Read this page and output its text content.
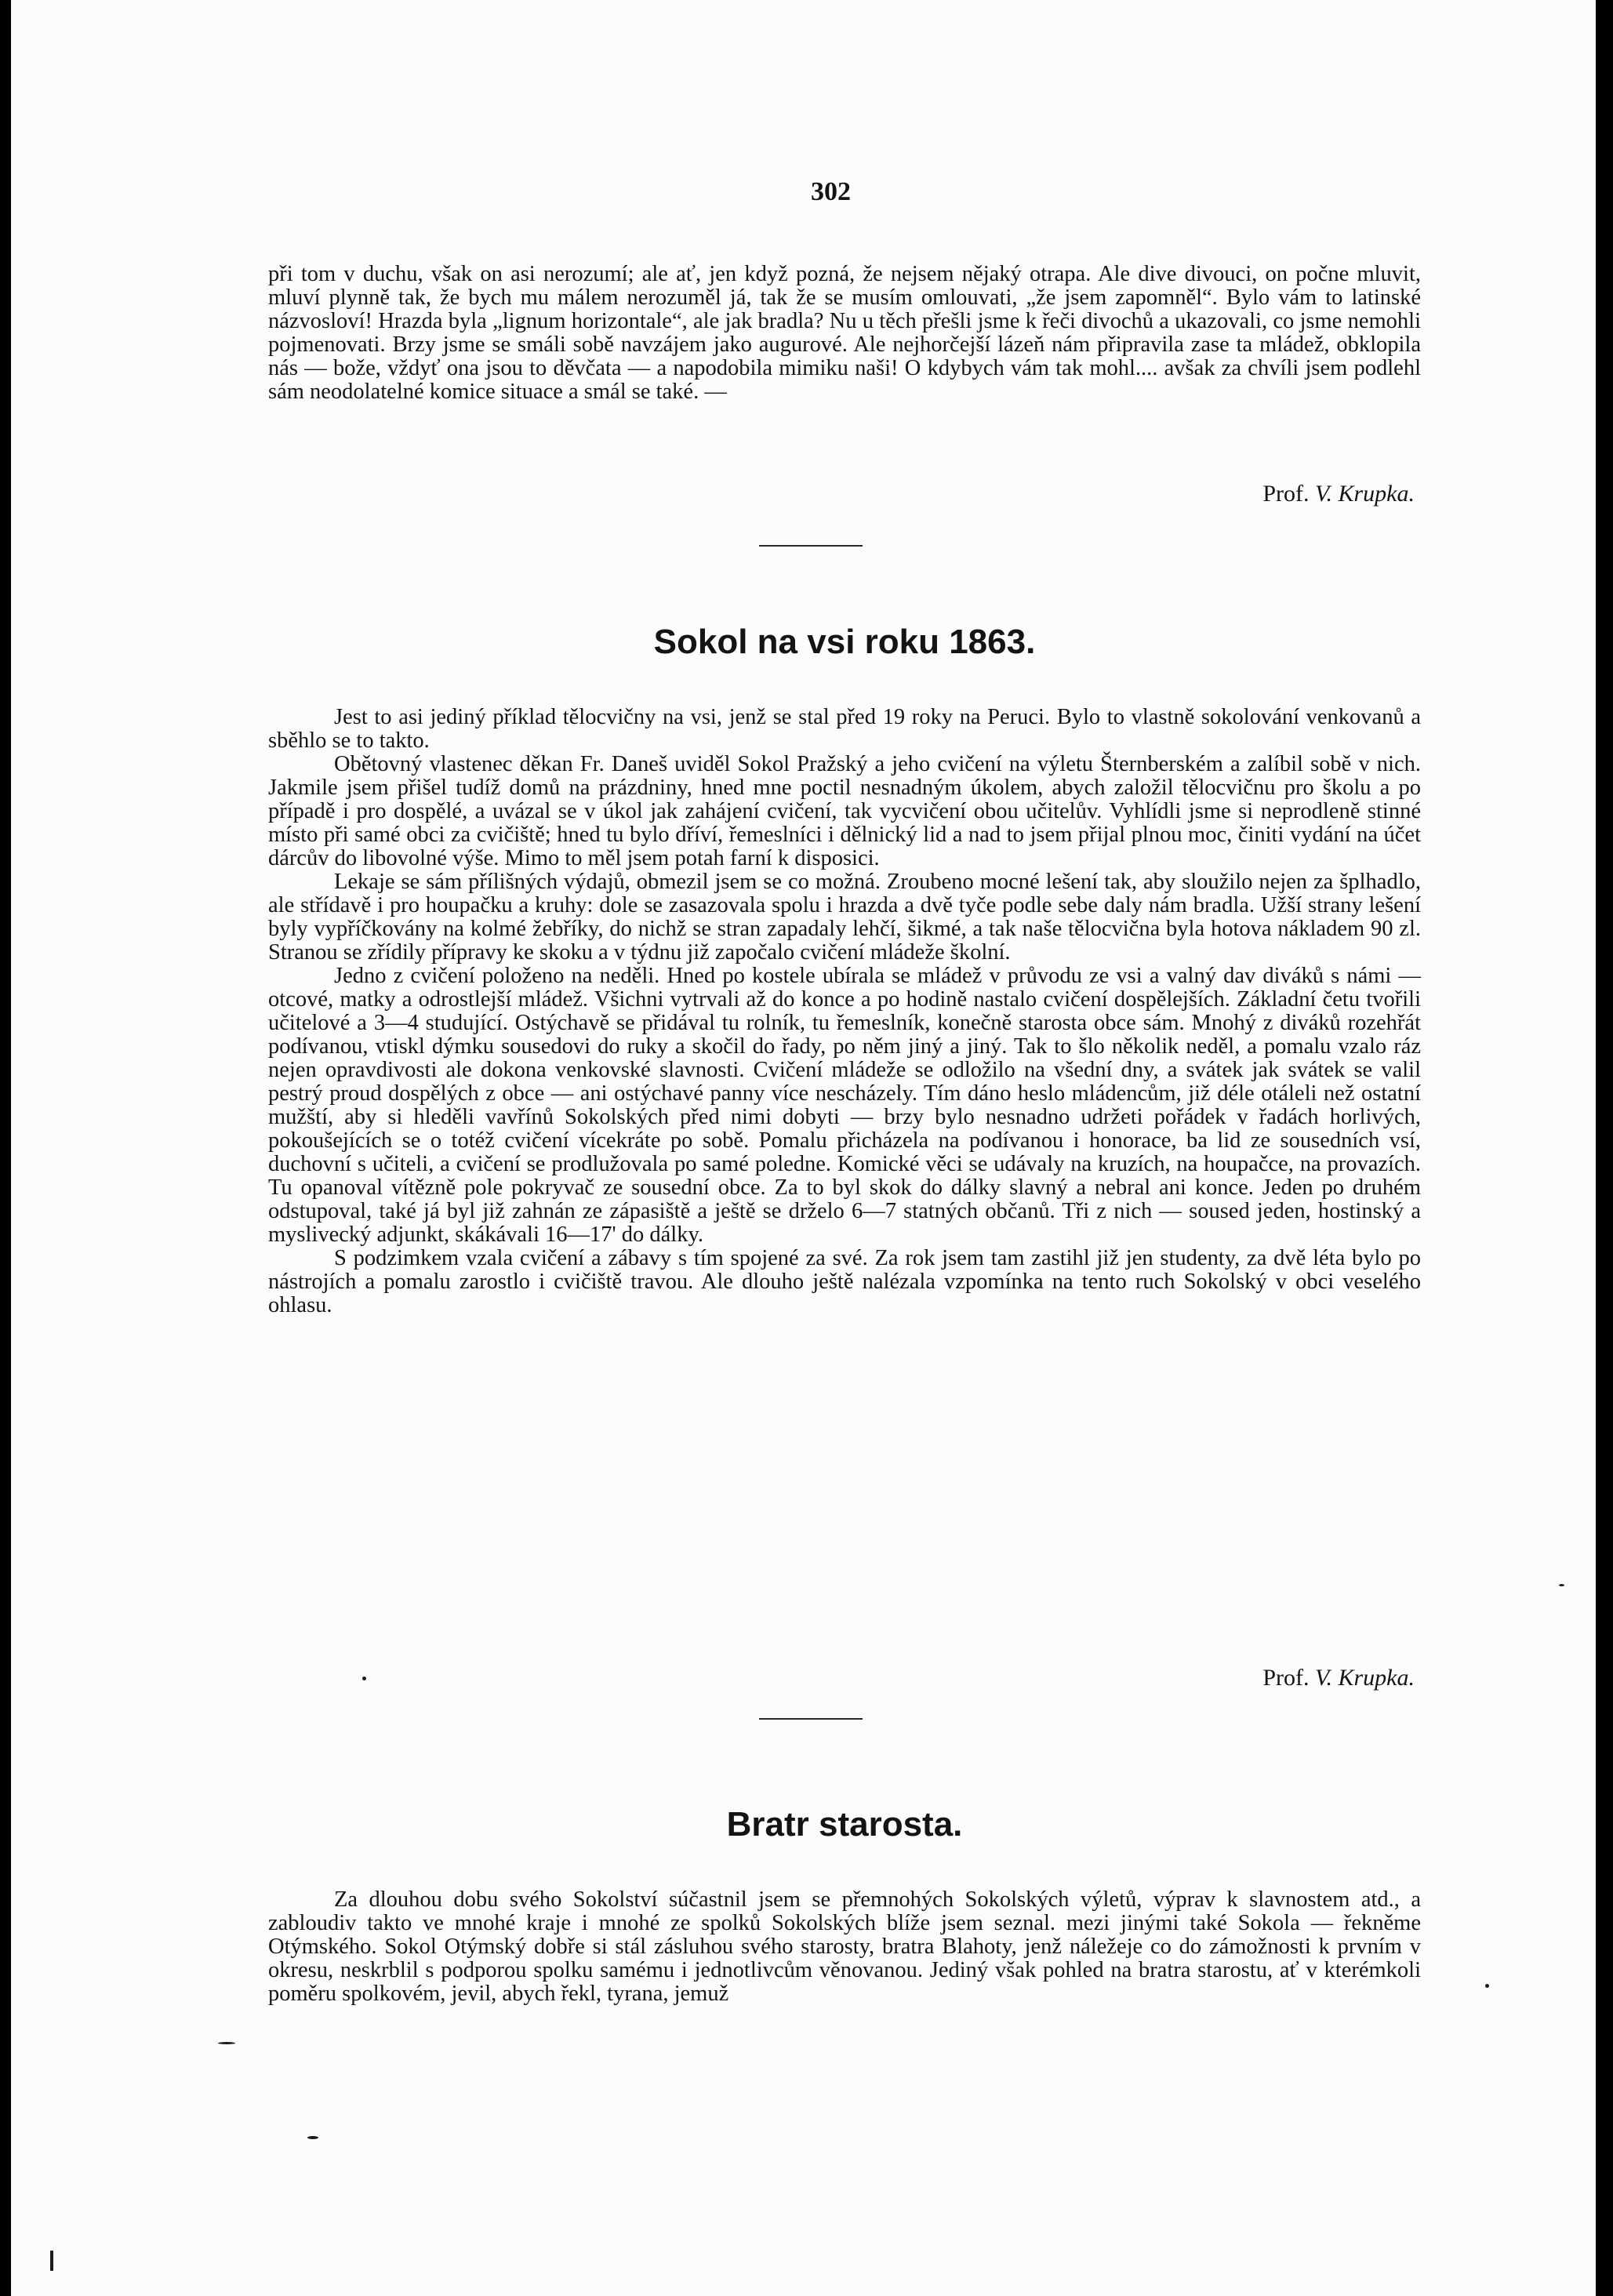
302

při tom v duchu, však on asi nerozumí; ale ať, jen když pozná, že nejsem nějaký otrapa. Ale dive divouci, on počne mluvit, mluví plynně tak, že bych mu málem nerozuměl já, tak že se musím omlouvati, „že jsem zapomněl“. Bylo vám to latinské názvosloví! Hrazda byla „lignum horizontale“, ale jak bradla? Nu u těch přešli jsme k řeči divochů a ukazovali, co jsme nemohli pojmenovati. Brzy jsme se smáli sobě navzájem jako augurové. Ale nejhorčejší lázeň nám připravila zase ta mládež, obklopila nás — bože, vždyť ona jsou to děvčata — a napodobila mimiku naši! O kdybych vám tak mohl.... avšak za chvíli jsem podlehl sám neodolatelné komice situace a smál se také. —

Prof. V. Krupka.
Sokol na vsi roku 1863.

Jest to asi jediný příklad tělocvičny na vsi, jenž se stal před 19 roky na Peruci. Bylo to vlastně sokolování venkovanů a sběhlo se to takto.

Obětovný vlastenec děkan Fr. Daneš uviděl Sokol Pražský a jeho cvičení na výletu Šternberském a zalíbil sobě v nich. Jakmile jsem přišel tudíž domů na prázdniny, hned mne poctil nesnadným úkolem, abych založil tělocvičnu pro školu a po případě i pro dospělé, a uvázal se v úkol jak zahájení cvičení, tak vycvičení obou učitelův. Vyhlídli jsme si neprodleně stinné místo při samé obci za cvičiště; hned tu bylo dříví, řemeslníci i dělnický lid a nad to jsem přijal plnou moc, činiti vydání na účet dárcův do libovolné výše. Mimo to měl jsem potah farní k disposici.

Lekaje se sám přílišných výdajů, obmezil jsem se co možná. Zroubeno mocné lešení tak, aby sloužilo nejen za šplhadlo, ale střídavě i pro houpačku a kruhy: dole se zasazovala spolu i hrazda a dvě tyče podle sebe daly nám bradla. Užší strany lešení byly vypříčkovány na kolmé žebříky, do nichž se stran zapadaly lehčí, šikmé, a tak naše tělocvična byla hotova nákladem 90 zl. Stranou se zřídily přípravy ke skoku a v týdnu již započalo cvičení mládeže školní.

Jedno z cvičení položeno na neděli. Hned po kostele ubírala se mládež v průvodu ze vsi a valný dav diváků s námi — otcové, matky a odrostlejší mládež. Všichni vytrvali až do konce a po hodině nastalo cvičení dospělejších. Základní četu tvořili učitelové a 3—4 studující. Ostýchavě se přidával tu rolník, tu řemeslník, konečně starosta obce sám. Mnohý z diváků rozehřát podívanou, vtiskl dýmku sousedovi do ruky a skočil do řady, po něm jiný a jiný. Tak to šlo několik neděl, a pomalu vzalo ráz nejen opravdivosti ale dokona venkovské slavnosti. Cvičení mládeže se odložilo na všední dny, a svátek jak svátek se valil pestrý proud dospělých z obce — ani ostýchavé panny více nescházely. Tím dáno heslo mládencům, již déle otáleli než ostatní mužští, aby si hleděli vavřínů Sokolských před nimi dobyti — brzy bylo nesnadno udržeti pořádek v řadách horlivých, pokoušejících se o totéž cvičení vícekráte po sobě. Pomalu přicházela na podívanou i honorace, ba lid ze sousedních vsí, duchovní s učiteli, a cvičení se prodlužovala po samé poledne. Komické věci se udávaly na kruzích, na houpačce, na provazích. Tu opanoval vítězně pole pokryvač ze sousední obce. Za to byl skok do dálky slavný a nebral ani konce. Jeden po druhém odstupoval, také já byl již zahnán ze zápasiště a ještě se drželo 6—7 statných občanů. Tři z nich — soused jeden, hostinský a myslivecký adjunkt, skákávali 16—17' do dálky.

S podzimkem vzala cvičení a zábavy s tím spojené za své. Za rok jsem tam zastihl již jen studenty, za dvě léta bylo po nástrojích a pomalu zarostlo i cvičiště travou. Ale dlouho ještě nalézala vzpomínka na tento ruch Sokolský v obci veselého ohlasu.

Prof. V. Krupka.
Bratr starosta.

Za dlouhou dobu svého Sokolství súčastnil jsem se přemnohých Sokolských výletů, výprav k slavnostem atd., a zabloudiv takto ve mnohé kraje i mnohé ze spolků Sokolských blíže jsem seznal. mezi jinými také Sokola — řekněme Otýmského. Sokol Otýmský dobře si stál zásluhou svého starosty, bratra Blahoty, jenž náležeje co do zámožnosti k prvním v okresu, neskrblil s podporou spolku samému i jednotlivcům věnovanou. Jediný však pohled na bratra starostu, ať v kterémkoli poměru spolkovém, jevil, abych řekl, tyrana, jemuž
